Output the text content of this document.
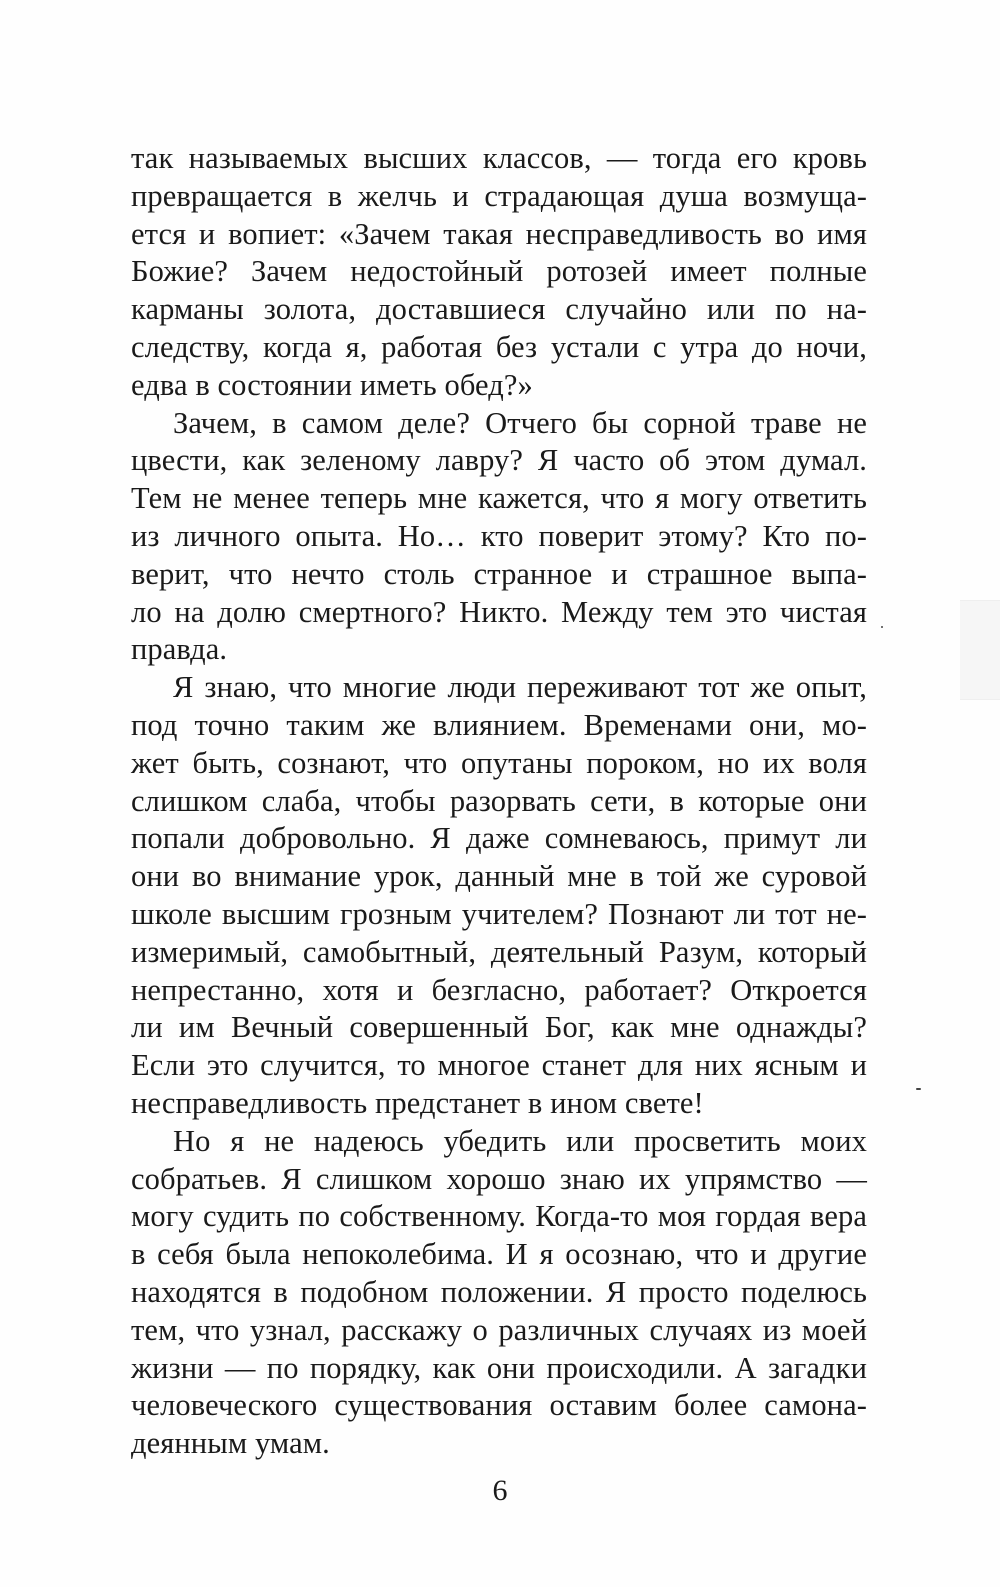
так называемых высших классов, — тогда его кровь
превращается в желчь и страдающая душа возмуща-
ется и вопиет: «Зачем такая несправедливость во имя
Божие? Зачем недостойный ротозей имеет полные
карманы золота, доставшиеся случайно или по на-
следству, когда я, работая без устали с утра до ночи,
едва в состоянии иметь обед?»
Зачем, в самом деле? Отчего бы сорной траве не
цвести, как зеленому лавру? Я часто об этом думал.
Тем не менее теперь мне кажется, что я могу ответить
из личного опыта. Но… кто поверит этому? Кто по-
верит, что нечто столь странное и страшное выпа-
ло на долю смертного? Никто. Между тем это чистая
правда.
Я знаю, что многие люди переживают тот же опыт,
под точно таким же влиянием. Временами они, мо-
жет быть, сознают, что опутаны пороком, но их воля
слишком слаба, чтобы разорвать сети, в которые они
попали добровольно. Я даже сомневаюсь, примут ли
они во внимание урок, данный мне в той же суровой
школе высшим грозным учителем? Познают ли тот не-
измеримый, самобытный, деятельный Разум, который
непрестанно, хотя и безгласно, работает? Откроется
ли им Вечный совершенный Бог, как мне однажды?
Если это случится, то многое станет для них ясным и
несправедливость предстанет в ином свете!
Но я не надеюсь убедить или просветить моих
собратьев. Я слишком хорошо знаю их упрямство —
могу судить по собственному. Когда-то моя гордая вера
в себя была непоколебима. И я осознаю, что и другие
находятся в подобном положении. Я просто поделюсь
тем, что узнал, расскажу о различных случаях из моей
жизни — по порядку, как они происходили. А загадки
человеческого существования оставим более самона-
деянным умам.
6
